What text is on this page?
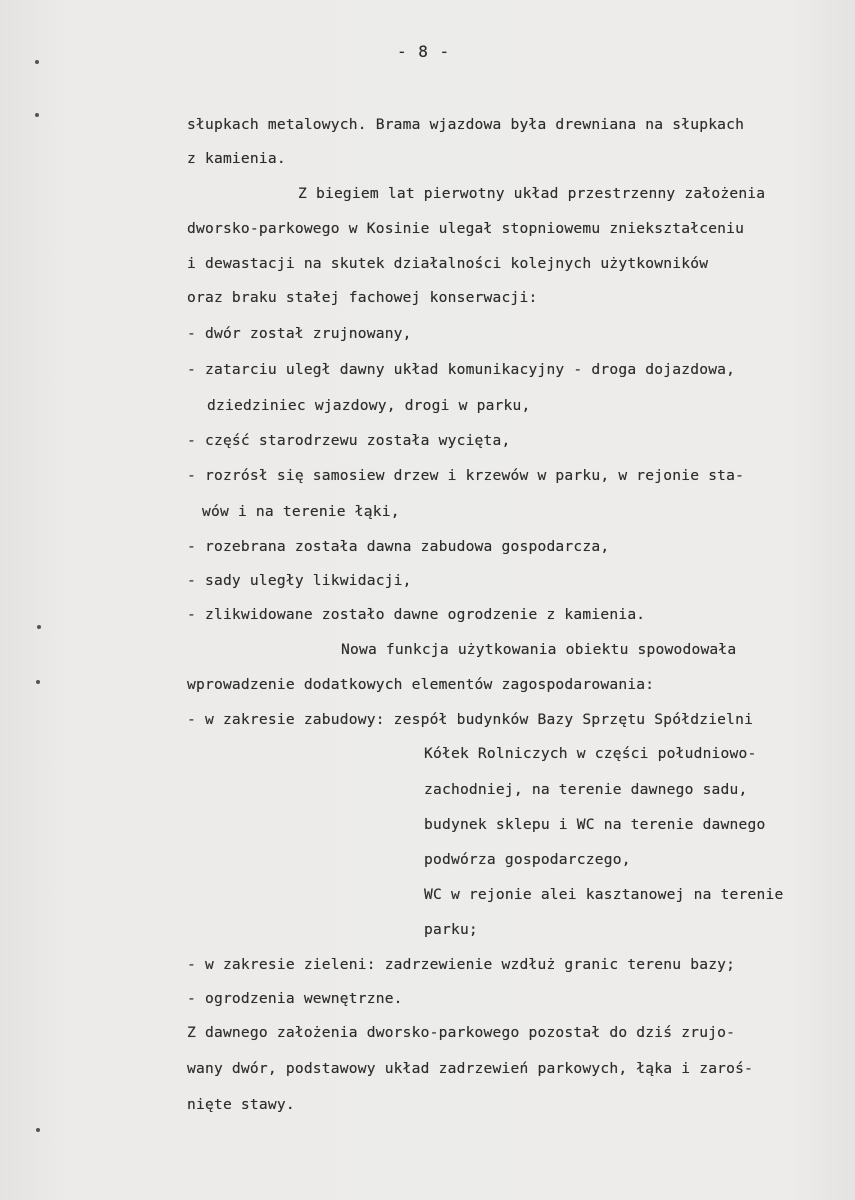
- 8 -
słupkach metalowych. Brama wjazdowa była drewniana na słupkach
z kamienia.
Z biegiem lat pierwotny układ przestrzenny założenia
dworsko-parkowego w Kosinie ulegał stopniowemu zniekształceniu
i dewastacji na skutek działalności kolejnych użytkowników
oraz braku stałej fachowej konserwacji:
- dwór został zrujnowany,
- zatarciu uległ dawny układ komunikacyjny - droga dojazdowa,
dziedziniec wjazdowy, drogi w parku,
- część starodrzewu została wycięta,
- rozrósł się samosiew drzew i krzewów w parku, w rejonie sta-
wów i na terenie łąki,
- rozebrana została dawna zabudowa gospodarcza,
- sady uległy likwidacji,
- zlikwidowane zostało dawne ogrodzenie z kamienia.
Nowa funkcja użytkowania obiektu spowodowała
wprowadzenie dodatkowych elementów zagospodarowania:
- w zakresie zabudowy: zespół budynków Bazy Sprzętu Spółdzielni
Kółek Rolniczych w części południowo-
zachodniej, na terenie dawnego sadu,
budynek sklepu i WC na terenie dawnego
podwórza gospodarczego,
WC w rejonie alei kasztanowej na terenie
parku;
- w zakresie zieleni: zadrzewienie wzdłuż granic terenu bazy;
- ogrodzenia wewnętrzne.
Z dawnego założenia dworsko-parkowego pozostał do dziś zrujo-
wany dwór, podstawowy układ zadrzewień parkowych, łąka i zaroś-
nięte stawy.
